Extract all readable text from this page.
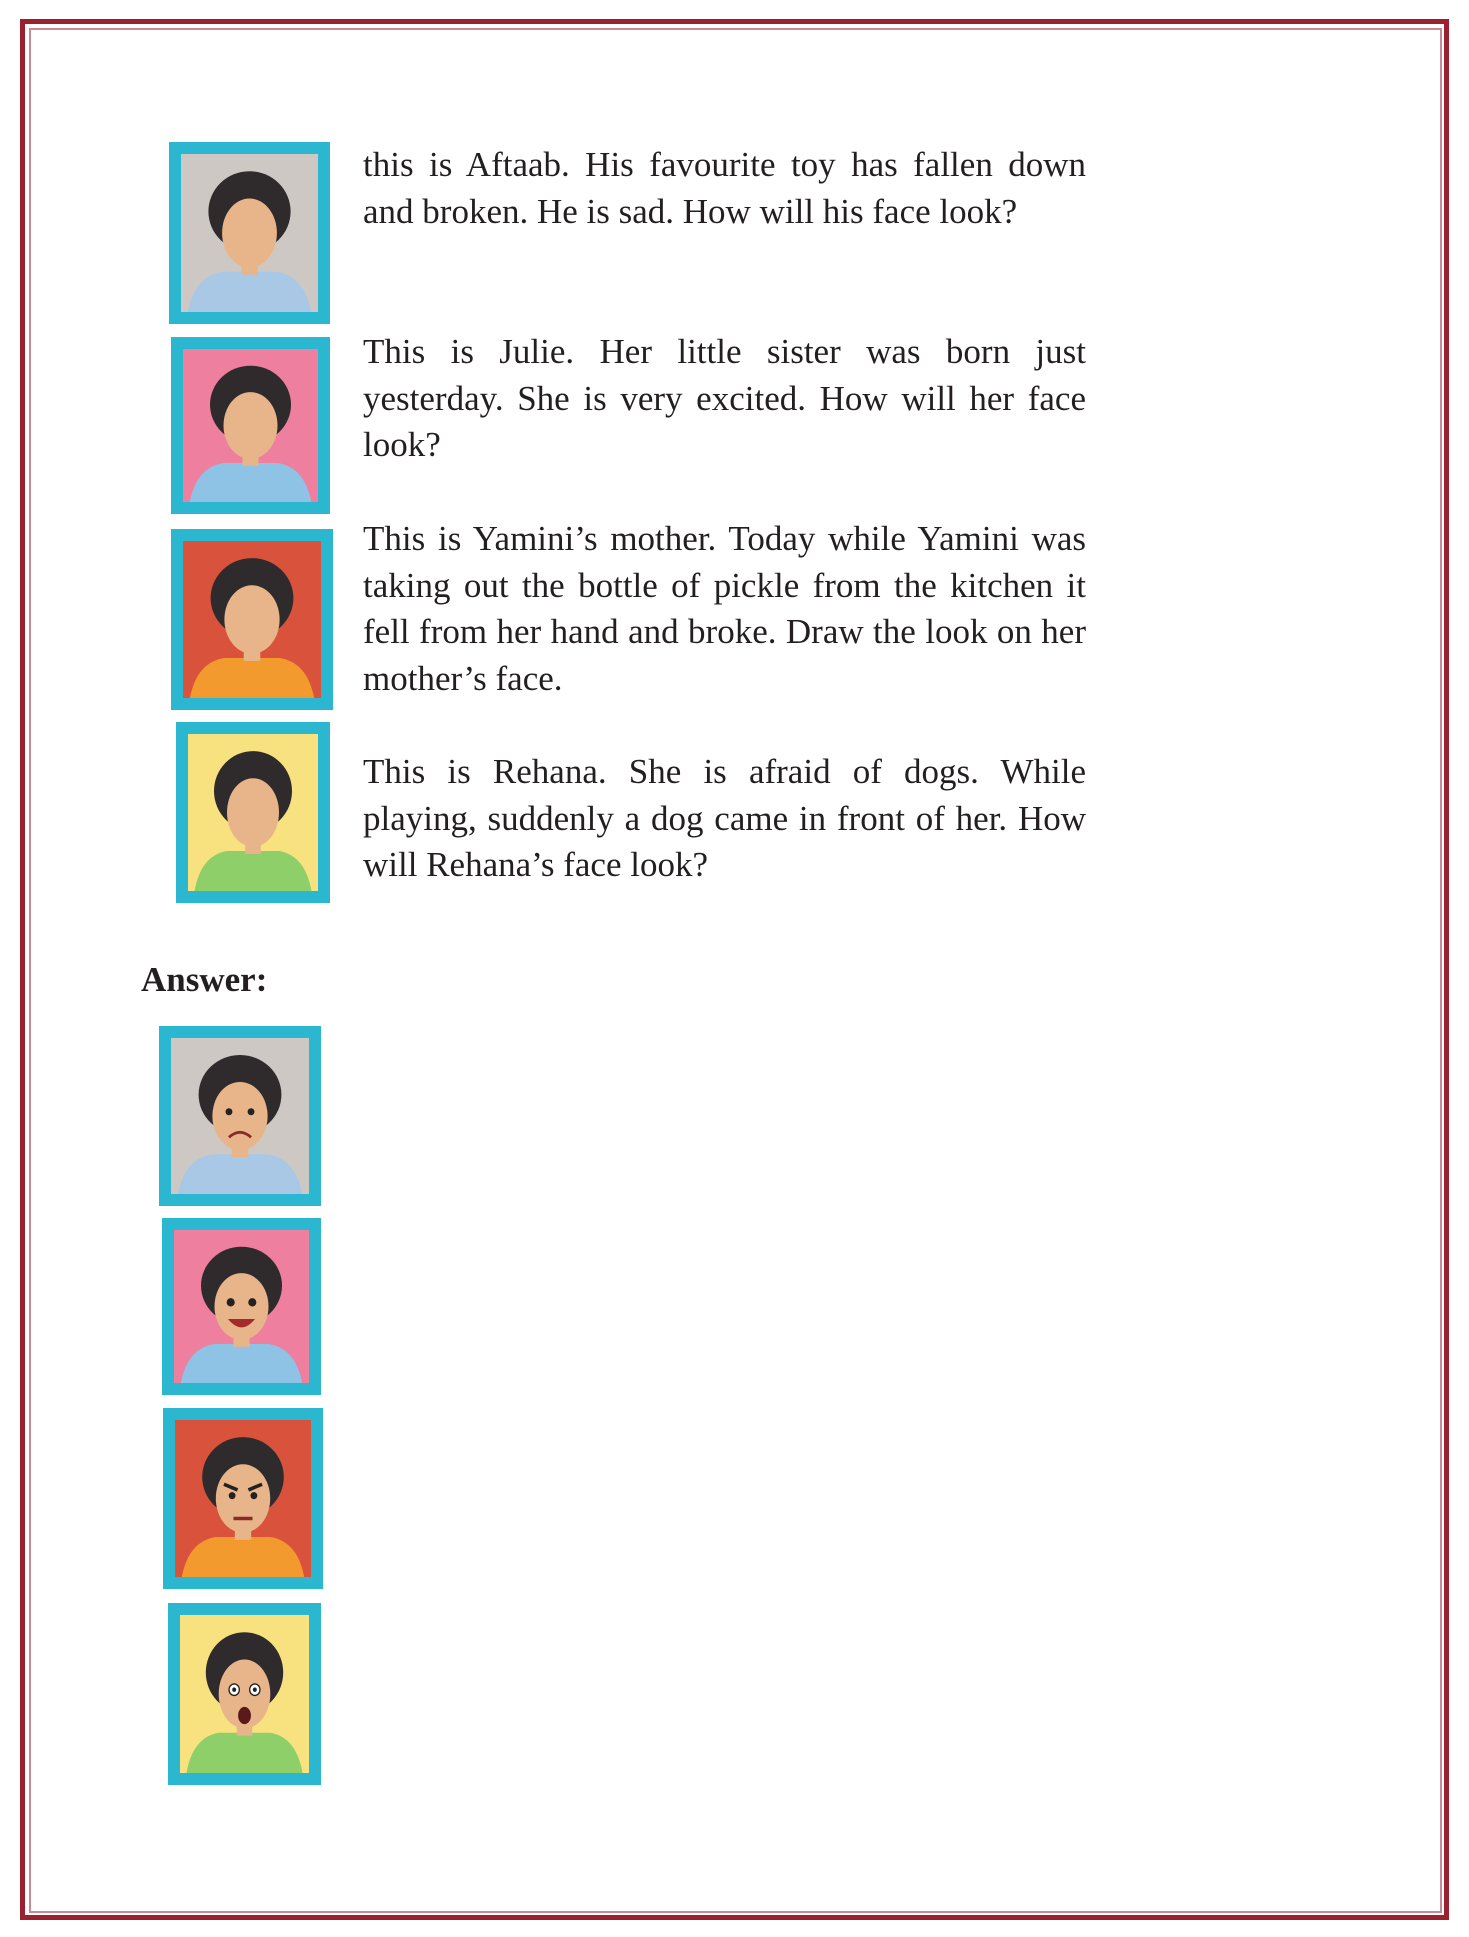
this is Aftaab. His favourite toy has fallen down and broken. He is sad. How will his face look?
This is Julie. Her little sister was born just yesterday. She is very excited. How will her face look?
This is Yamini’s mother. Today while Yamini was taking out the bottle of pickle from the kitchen it fell from her hand and broke. Draw the look on her mother’s face.
This is Rehana. She is afraid of dogs. While playing, suddenly a dog came in front of her. How will Rehana’s face look?
Answer:
